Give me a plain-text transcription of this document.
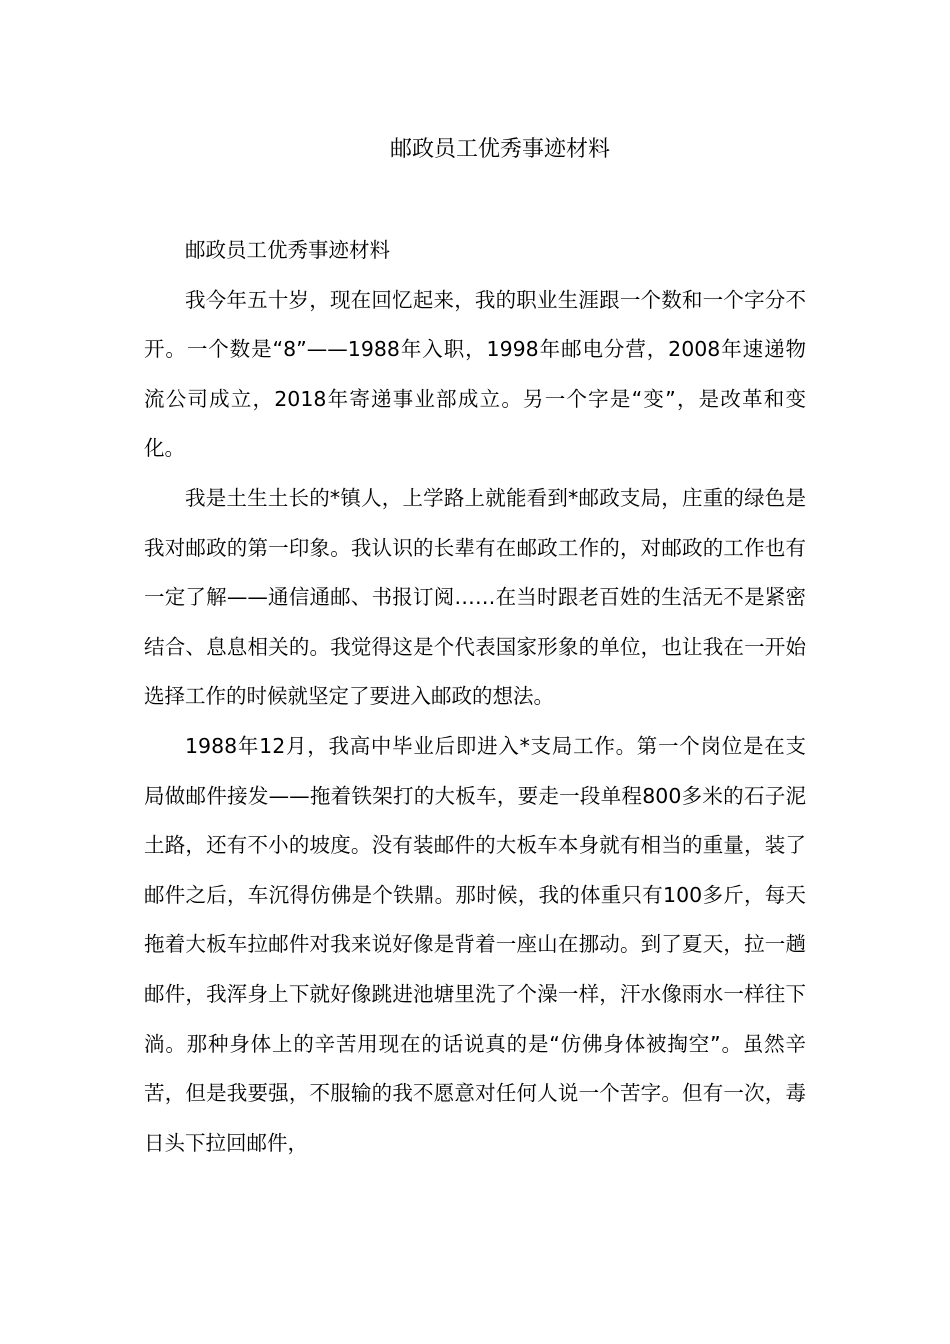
邮政员工优秀事迹材料

邮政员工优秀事迹材料

我今年五十岁，现在回忆起来，我的职业生涯跟一个数和一个字分不开。一个数是“8”——1988年入职，1998年邮电分营，2008年速递物流公司成立，2018年寄递事业部成立。另一个字是“变”，是改革和变化。

我是土生土长的*镇人，上学路上就能看到*邮政支局，庄重的绿色是我对邮政的第一印象。我认识的长辈有在邮政工作的，对邮政的工作也有一定了解——通信通邮、书报订阅……在当时跟老百姓的生活无不是紧密结合、息息相关的。我觉得这是个代表国家形象的单位，也让我在一开始选择工作的时候就坚定了要进入邮政的想法。

1988年12月，我高中毕业后即进入*支局工作。第一个岗位是在支局做邮件接发——拖着铁架打的大板车，要走一段单程800多米的石子泥土路，还有不小的坡度。没有装邮件的大板车本身就有相当的重量，装了邮件之后，车沉得仿佛是个铁鼎。那时候，我的体重只有100多斤，每天拖着大板车拉邮件对我来说好像是背着一座山在挪动。到了夏天，拉一趟邮件，我浑身上下就好像跳进池塘里洗了个澡一样，汗水像雨水一样往下淌。那种身体上的辛苦用现在的话说真的是“仿佛身体被掏空”。虽然辛苦，但是我要强，不服输的我不愿意对任何人说一个苦字。但有一次，毒日头下拉回邮件，
